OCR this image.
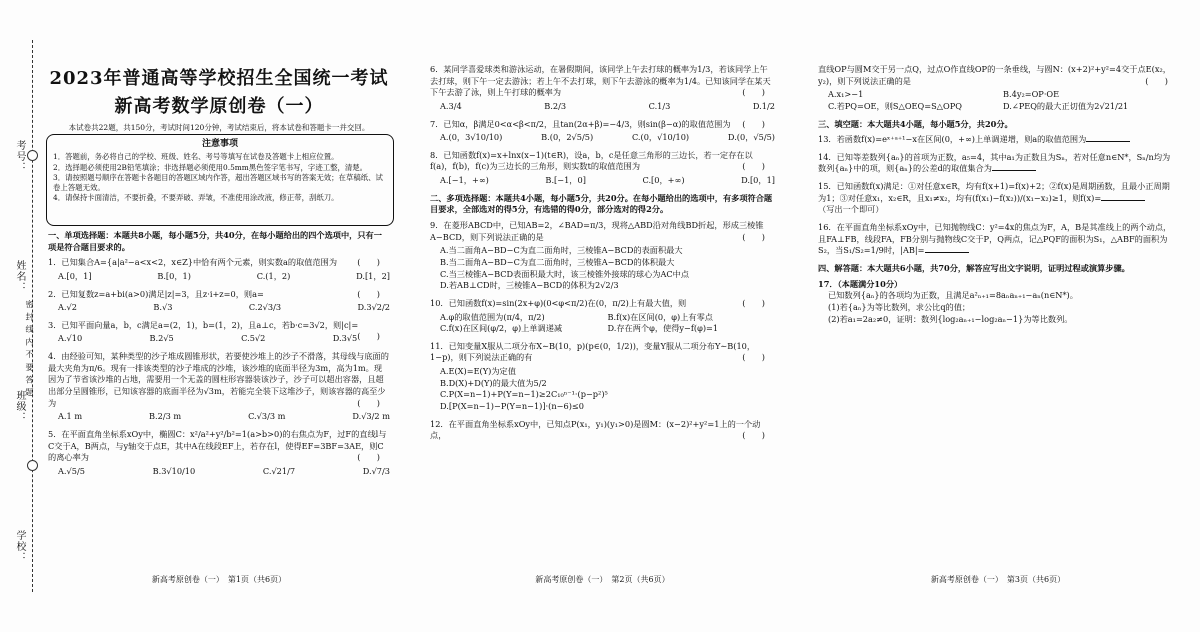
考号：
姓名：
密 封 线 内 不 要 答 题
班级：
学校：
2023年普通高等学校招生全国统一考试
新高考数学原创卷（一）
本试卷共22题，共150分，考试时间120分钟，考试结束后，将本试卷和答题卡一并交回。
注意事项

1．答题前，务必将自己的学校、班级、姓名、考号等填写在试卷及答题卡上相应位置。

2．选择题必须使用2B铅笔填涂；非选择题必须使用0.5mm黑色签字笔书写，字迹工整，清楚。

3．请按照题号顺序在答题卡各题目的答题区域内作答，超出答题区域书写的答案无效；在草稿纸、试卷上答题无效。

4．请保持卡面清洁，不要折叠，不要弄破、弄皱，不准使用涂改液，修正带，刮纸刀。

一、单项选择题：本题共8小题，每小题5分，共40分，在每小题给出的四个选项中，只有一项是符合题目要求的。
1．已知集合A={a|a²−a<x<2，x∈Z}中恰有两个元素，则实数a的取值范围为 (　　)
A.[0，1]	B.[0，1)	C.(1，2)	D.[1，2]
2．已知复数z=a+bi(a>0)满足|z|=3，且z·i+z=0，则a=	(　　)
A.√2	B.√3	C.2√3/3	D.3√2/2
3．已知平面向量a，b，c满足a=(2，1)，b=(1，2)，且a⊥c，若b·c=3√2，则|c|=
(　　)
A.√10	B.2√5	C.5√2	D.3√5
4．由经验可知，某种类型的沙子堆成圆锥形状，若要使沙堆上的沙子不滑落，其母线与底面的最大夹角为π/6。现有一排该类型的沙子堆成的沙堆，该沙堆的底面半径为3m，高为1m。现因为了节省该沙堆的占地，需要用一个无盖的圆柱形容器装该沙子，沙子可以超出容器，且超出部分呈圆锥形，已知该容器的底面半径为√3m，若能完全装下这堆沙子，则该容器的高至少为	(　　)
A.1 m	B.2/3 m	C.√3/3 m	D.√3/2 m
5．在平面直角坐标系xOy中，椭圆C：x²/a²+y²/b²=1(a>b>0)的右焦点为F，过F的直线l与C交于A，B两点，与y轴交于点E，其中A在线段EF上，若存在l，使得EF=3BF=3AE，则C的离心率为	(　　)
A.√5/5	B.3√10/10	C.√21/7	D.√7/3
6．某同学喜爱球类和游泳运动，在暑假期间，该同学上午去打球的概率为1/3，若该同学上午去打球，则下午一定去游泳；若上午不去打球，则下午去游泳的概率为1/4。已知该同学在某天下午去游了泳，则上午打球的概率为	(　　)
A.3/4	B.2/3	C.1/3	D.1/2
7．已知α，β满足0<α<β<π/2，且tan(2α+β)=−4/3，则sin(β−α)的取值范围为 (　　)
A.(0，3√10/10)	B.(0，2√5/5)	C.(0，√10/10)	D.(0，√5/5)
8．已知函数f(x)=x+lnx(x−1)(t∈R)，设a，b，c是任意三角形的三边长，若一定存在以f(a)，f(b)，f(c)为三边长的三角形，则实数t的取值范围为	(　　)
A.[−1，+∞)	B.[−1，0]	C.[0，+∞)	D.[0，1]
二、多项选择题：本题共4小题，每小题5分，共20分。在每小题给出的选项中，有多项符合题目要求，全部选对的得5分，有选错的得0分，部分选对的得2分。
9．在菱形ABCD中，已知AB=2，∠BAD=π/3，现将△ABD沿对角线BD折起，形成三棱锥A−BCD，则下列说法正确的是	(　　)
A.当二面角A−BD−C为直二面角时，三棱锥A−BCD的表面积最大
B.当二面角A−BD−C为直二面角时，三棱锥A−BCD的体积最大
C.当三棱锥A−BCD表面积最大时，该三棱锥外接球的球心为AC中点
D.若AB⊥CD时，三棱锥A−BCD的体积为2√2/3
10．已知函数f(x)=sin(2x+φ)(0<φ<π/2)在(0，π/2)上有最大值，则	(　　)
A.φ的取值范围为(π/4，π/2)	B.f(x)在区间(0，φ)上有零点
C.f(x)在区间(φ/2，φ)上单调递减	D.存在两个φ，使得y−f(φ)=1
11．已知变量X服从二项分布X∼B(10，p)(p∈(0，1/2))，变量Y服从二项分布Y∼B(10，1−p)，则下列说法正确的有	(　　)
A.E(X)=E(Y)为定值
B.D(X)+D(Y)的最大值为5/2
C.P(X=n−1)+P(Y=n−1)≥2C₁₀ⁿ⁻¹·(p−p²)⁵
D.[P(X=n−1)−P(Y=n−1)]·(n−6)≤0
12．在平面直角坐标系xOy中，已知点P(x₁，y₁)(y₁>0)是圆M：(x−2)²+y²=1上的一个动点，	(　　)
直线OP与圆M交于另一点Q，过点O作直线OP的一条垂线，与圆N：(x+2)²+y²=4交于点E(x₂，y₂)，则下列说法正确的是	(　　)
A.x₁>−1	B.4y₂=OP·OE
C.若PQ=OE，则S△OEQ=S△OPQ	D.∠PEQ的最大正切值为2√21/21
三、填空题：本大题共4小题，每小题5分，共20分。
13．若函数f(x)=eˣ⁺ᵃ⁺¹−x在区间(0，+∞)上单调递增，则a的取值范围为
14．已知等差数列{aₙ}的首项为正数，a₅=4，其中a₁为正数且为Sₙ，若对任意n∈N*，Sₙ/n均为数列{aₙ}中的项，则{aₙ}的公差d的取值集合为
15．已知函数f(x)满足：①对任意x∈R，均有f(x+1)=f(x)+2；②f(x)是周期函数，且最小正周期为1；③对任意x₁，x₂∈R，且x₁≠x₂，均有(f(x₁)−f(x₂))/(x₁−x₂)≥1，则f(x)=
（写出一个即可）
16．在平面直角坐标系xOy中，已知抛物线C：y²=4x的焦点为F，A，B是其准线上的两个动点，且FA⊥FB，线段FA，FB分别与抛物线C交于P，Q两点，记△PQF的面积为S₁，△ABF的面积为S₂，当S₁/S₂=1/9时，|AB|=
四、解答题：本大题共6小题，共70分，解答应写出文字说明，证明过程或演算步骤。
17．（本题满分10分）
已知数列{aₙ}的各项均为正数，且满足a²ₙ₊₁=8aₙaₙ₊₁−aₙ(n∈N*)。
(1)若{aₙ}为等比数列，求公比q的值；
(2)若a₁=2a₂≠0，证明：数列{log₂aₙ₊₁−log₂aₙ−1}为等比数列。
新高考原创卷（一）　第1页（共6页）	新高考原创卷（一）　第2页（共6页）	新高考原创卷（一）　第3页（共6页）
